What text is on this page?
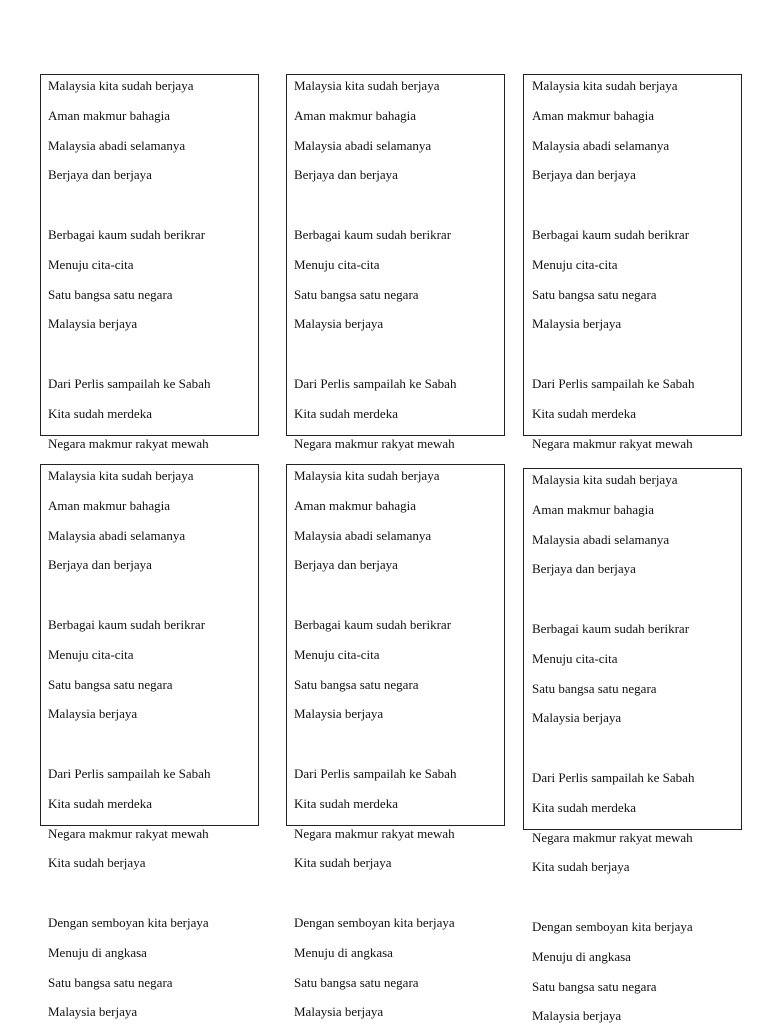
Malaysia kita sudah berjaya
Aman makmur bahagia
Malaysia abadi selamanya
Berjaya dan berjaya
Berbagai kaum sudah berikrar
Menuju cita-cita
Satu bangsa satu negara
Malaysia berjaya
Dari Perlis sampailah ke Sabah
Kita sudah merdeka
Negara makmur rakyat mewah
Malaysia kita sudah berjaya
Aman makmur bahagia
Malaysia abadi selamanya
Berjaya dan berjaya
Berbagai kaum sudah berikrar
Menuju cita-cita
Satu bangsa satu negara
Malaysia berjaya
Dari Perlis sampailah ke Sabah
Kita sudah merdeka
Negara makmur rakyat mewah
Malaysia kita sudah berjaya
Aman makmur bahagia
Malaysia abadi selamanya
Berjaya dan berjaya
Berbagai kaum sudah berikrar
Menuju cita-cita
Satu bangsa satu negara
Malaysia berjaya
Dari Perlis sampailah ke Sabah
Kita sudah merdeka
Negara makmur rakyat mewah
Malaysia kita sudah berjaya
Aman makmur bahagia
Malaysia abadi selamanya
Berjaya dan berjaya
Berbagai kaum sudah berikrar
Menuju cita-cita
Satu bangsa satu negara
Malaysia berjaya
Dari Perlis sampailah ke Sabah
Kita sudah merdeka
Negara makmur rakyat mewah
Kita sudah berjaya
Dengan semboyan kita berjaya
Menuju di angkasa
Satu bangsa satu negara
Malaysia berjaya
Malaysia kita sudah berjaya
Aman makmur bahagia
Malaysia abadi selamanya
Berjaya dan berjaya
Berbagai kaum sudah berikrar
Menuju cita-cita
Satu bangsa satu negara
Malaysia berjaya
Dari Perlis sampailah ke Sabah
Kita sudah merdeka
Negara makmur rakyat mewah
Kita sudah berjaya
Dengan semboyan kita berjaya
Menuju di angkasa
Satu bangsa satu negara
Malaysia berjaya
Malaysia kita sudah berjaya
Aman makmur bahagia
Malaysia abadi selamanya
Berjaya dan berjaya
Berbagai kaum sudah berikrar
Menuju cita-cita
Satu bangsa satu negara
Malaysia berjaya
Dari Perlis sampailah ke Sabah
Kita sudah merdeka
Negara makmur rakyat mewah
Kita sudah berjaya
Dengan semboyan kita berjaya
Menuju di angkasa
Satu bangsa satu negara
Malaysia berjaya
